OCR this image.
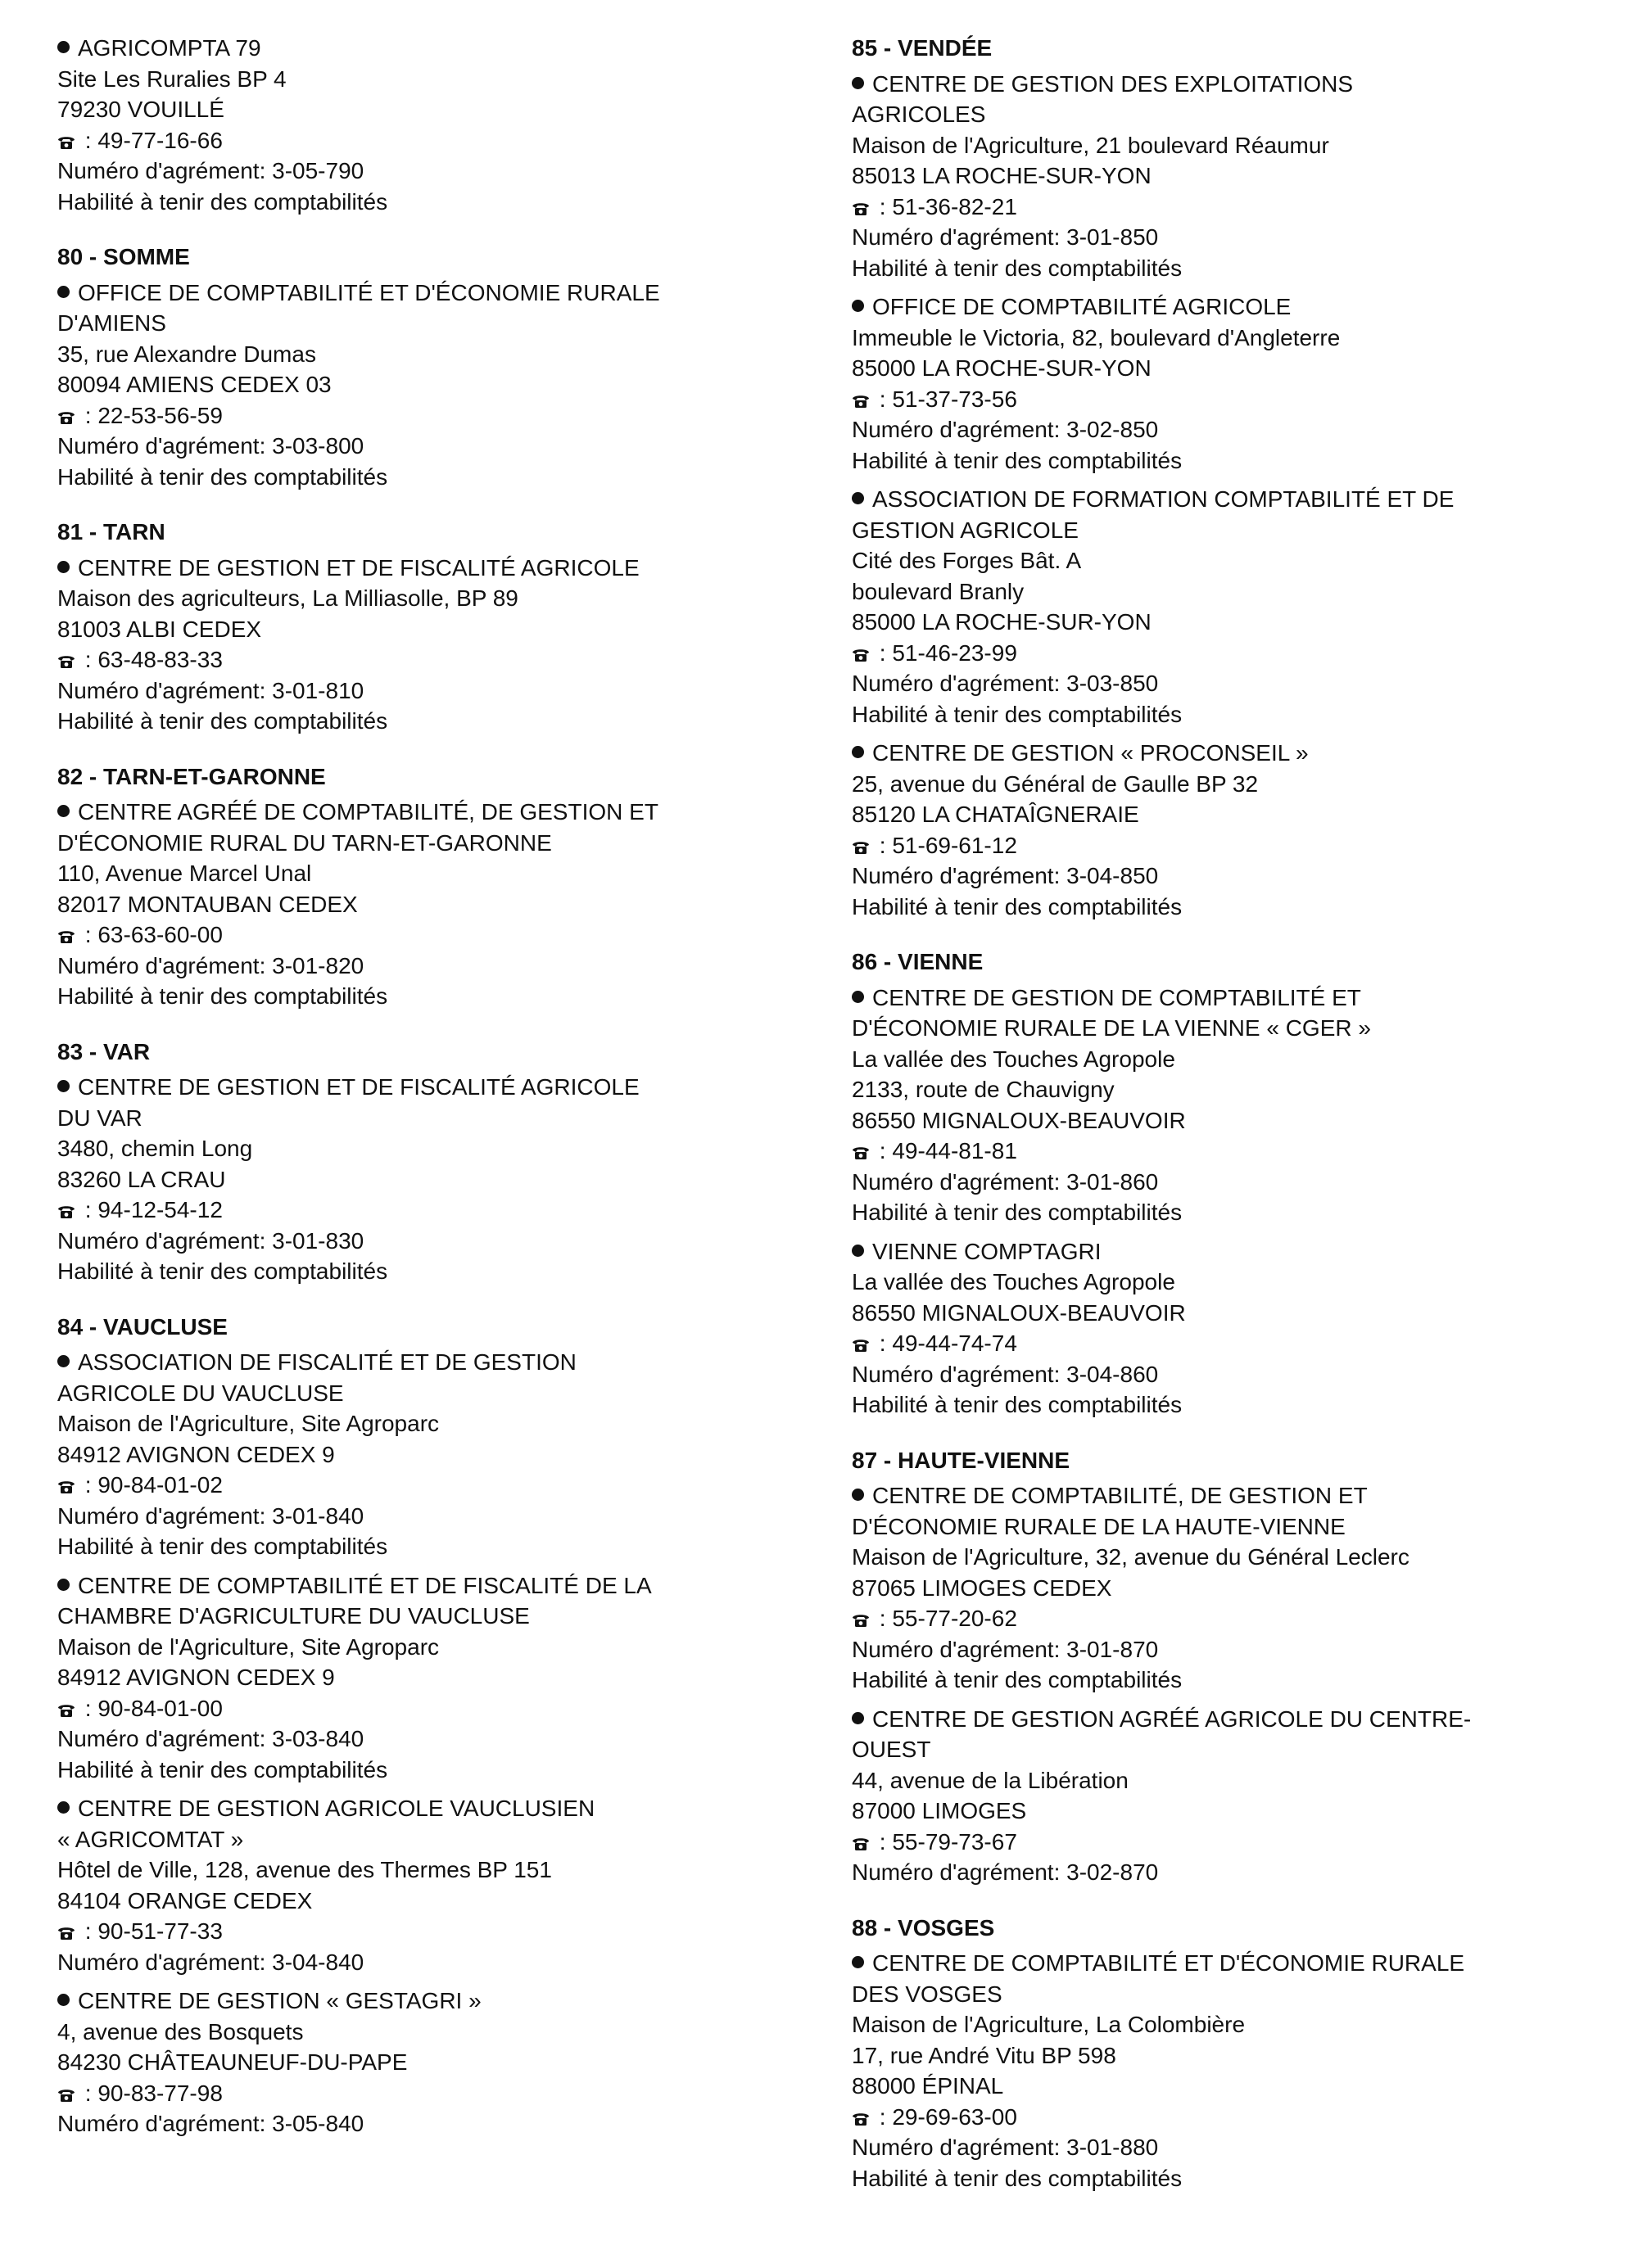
AGRICOMPTA 79
Site Les Ruralies BP 4
79230 VOUILLÉ
: 49-77-16-66
Numéro d'agrément: 3-05-790
Habilité à tenir des comptabilités
80 - SOMME
OFFICE DE COMPTABILITÉ ET D'ÉCONOMIE RURALE
D'AMIENS
35, rue Alexandre Dumas
80094 AMIENS CEDEX 03
: 22-53-56-59
Numéro d'agrément: 3-03-800
Habilité à tenir des comptabilités
81 - TARN
CENTRE DE GESTION ET DE FISCALITÉ AGRICOLE
Maison des agriculteurs, La Milliasolle, BP 89
81003 ALBI CEDEX
: 63-48-83-33
Numéro d'agrément: 3-01-810
Habilité à tenir des comptabilités
82 - TARN-ET-GARONNE
CENTRE AGRÉÉ DE COMPTABILITÉ, DE GESTION ET
D'ÉCONOMIE RURAL DU TARN-ET-GARONNE
110, Avenue Marcel Unal
82017 MONTAUBAN CEDEX
: 63-63-60-00
Numéro d'agrément: 3-01-820
Habilité à tenir des comptabilités
83 - VAR
CENTRE DE GESTION ET DE FISCALITÉ AGRICOLE
DU VAR
3480, chemin Long
83260 LA CRAU
: 94-12-54-12
Numéro d'agrément: 3-01-830
Habilité à tenir des comptabilités
84 - VAUCLUSE
ASSOCIATION DE FISCALITÉ ET DE GESTION
AGRICOLE DU VAUCLUSE
Maison de l'Agriculture, Site Agroparc
84912 AVIGNON CEDEX 9
: 90-84-01-02
Numéro d'agrément: 3-01-840
Habilité à tenir des comptabilités
CENTRE DE COMPTABILITÉ ET DE FISCALITÉ DE LA
CHAMBRE D'AGRICULTURE DU VAUCLUSE
Maison de l'Agriculture, Site Agroparc
84912 AVIGNON CEDEX 9
: 90-84-01-00
Numéro d'agrément: 3-03-840
Habilité à tenir des comptabilités
CENTRE DE GESTION AGRICOLE VAUCLUSIEN
« AGRICOMTAT »
Hôtel de Ville, 128, avenue des Thermes BP 151
84104 ORANGE CEDEX
: 90-51-77-33
Numéro d'agrément: 3-04-840
CENTRE DE GESTION « GESTAGRI »
4, avenue des Bosquets
84230 CHÂTEAUNEUF-DU-PAPE
: 90-83-77-98
Numéro d'agrément: 3-05-840
85 - VENDÉE
CENTRE DE GESTION DES EXPLOITATIONS
AGRICOLES
Maison de l'Agriculture, 21 boulevard Réaumur
85013 LA ROCHE-SUR-YON
: 51-36-82-21
Numéro d'agrément: 3-01-850
Habilité à tenir des comptabilités
OFFICE DE COMPTABILITÉ AGRICOLE
Immeuble le Victoria, 82, boulevard d'Angleterre
85000 LA ROCHE-SUR-YON
: 51-37-73-56
Numéro d'agrément: 3-02-850
Habilité à tenir des comptabilités
ASSOCIATION DE FORMATION COMPTABILITÉ ET DE
GESTION AGRICOLE
Cité des Forges Bât. A
boulevard Branly
85000 LA ROCHE-SUR-YON
: 51-46-23-99
Numéro d'agrément: 3-03-850
Habilité à tenir des comptabilités
CENTRE DE GESTION « PROCONSEIL »
25, avenue du Général de Gaulle BP 32
85120 LA CHATAÎGNERAIE
: 51-69-61-12
Numéro d'agrément: 3-04-850
Habilité à tenir des comptabilités
86 - VIENNE
CENTRE DE GESTION DE COMPTABILITÉ ET
D'ÉCONOMIE RURALE DE LA VIENNE « CGER »
La vallée des Touches Agropole
2133, route de Chauvigny
86550 MIGNALOUX-BEAUVOIR
: 49-44-81-81
Numéro d'agrément: 3-01-860
Habilité à tenir des comptabilités
VIENNE COMPTAGRI
La vallée des Touches Agropole
86550 MIGNALOUX-BEAUVOIR
: 49-44-74-74
Numéro d'agrément: 3-04-860
Habilité à tenir des comptabilités
87 - HAUTE-VIENNE
CENTRE DE COMPTABILITÉ, DE GESTION ET
D'ÉCONOMIE RURALE DE LA HAUTE-VIENNE
Maison de l'Agriculture, 32, avenue du Général Leclerc
87065 LIMOGES CEDEX
: 55-77-20-62
Numéro d'agrément: 3-01-870
Habilité à tenir des comptabilités
CENTRE DE GESTION AGRÉÉ AGRICOLE DU CENTRE-
OUEST
44, avenue de la Libération
87000 LIMOGES
: 55-79-73-67
Numéro d'agrément: 3-02-870
88 - VOSGES
CENTRE DE COMPTABILITÉ ET D'ÉCONOMIE RURALE
DES VOSGES
Maison de l'Agriculture, La Colombière
17, rue André Vitu BP 598
88000 ÉPINAL
: 29-69-63-00
Numéro d'agrément: 3-01-880
Habilité à tenir des comptabilités
